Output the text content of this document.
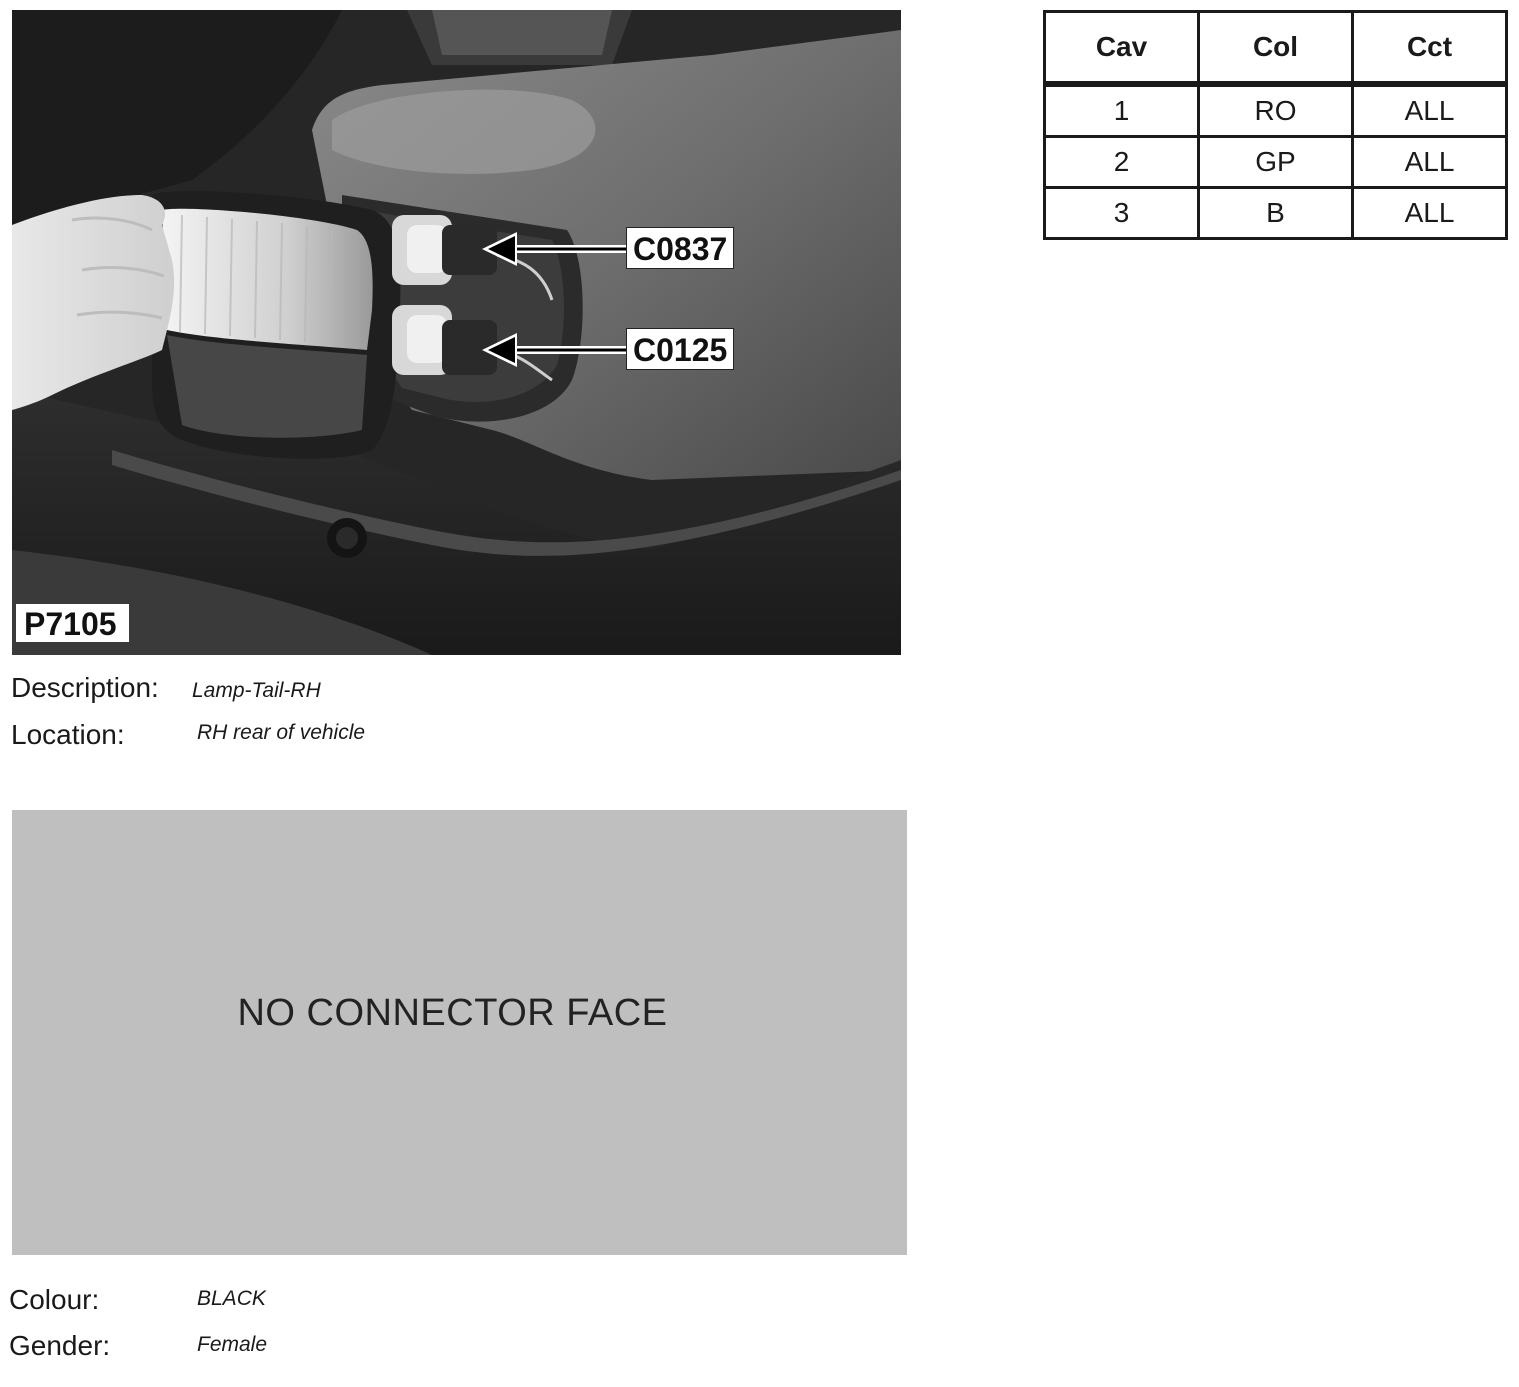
C0837
C0125
P7105
Description: Lamp-Tail-RH
Location:	RH rear of vehicle
NO CONNECTOR FACE
Colour:	BLACK
Gender:	Female
Cav	Col	Cct
1	RO	ALL
2	GP	ALL
3	B	ALL
